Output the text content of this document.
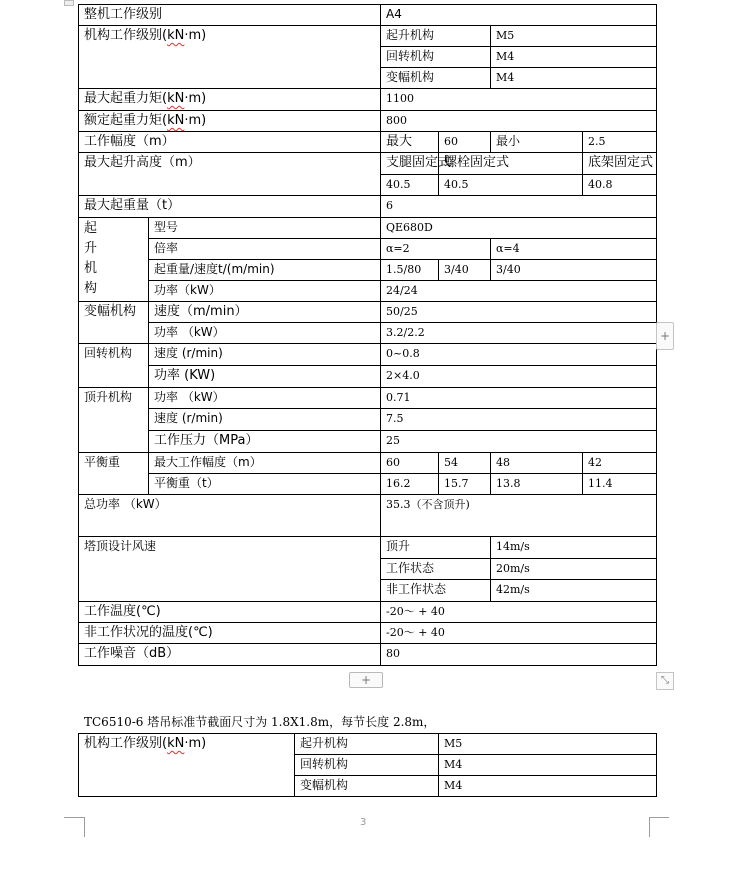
整机工作级别		A4				
机构工作级别(kN·m)		起升机构		M5		
		回转机构		M4		
		变幅机构		M4		
最大起重力矩(kN·m)		1100				
额定起重力矩(kN·m)		800				
工作幅度（m）		最大	60	最小	2.5	
最大起升高度（m）		支腿固定式	螺栓固定式		底架固定式	
		40.5	40.5		40.8	
最大起重量（t）		6				

起
升
机
构	型号	QE680D				
	倍率	α=2		α=4		
	起重量/速度t/(m/min)	1.5/80	3/40	3/40	
	功率（kW）	24/24				
变幅机构	速度（m/min）	50/25				
	功率 （kW）	3.2/2.2				
回转机构	速度 (r/min)	0~0.8				
	功率 (KW)	2×4.0				
顶升机构	功率 （kW）	0.71				
	速度 (r/min)	7.5				
	工作压力（MPa）	25				
平衡重	最大工作幅度（m）	60	54	48	42	
	平衡重（t）	16.2	15.7	13.8	11.4	
总功率 （kW）		35.3（不含顶升)				
塔顶设计风速		顶升		14m/s		
		工作状态		20m/s		
		非工作状态		42m/s		
工作温度(℃)		-20～ + 40				
非工作状况的温度(℃)		-20～ + 40				
工作噪音（dB）		80				
+
+	⤡
TC6510-6 塔吊标准节截面尺寸为 1.8X1.8m，每节长度 2.8m，
机构工作级别(kN·m)	起升机构	M5
	回转机构	M4
	变幅机构	M4
3
